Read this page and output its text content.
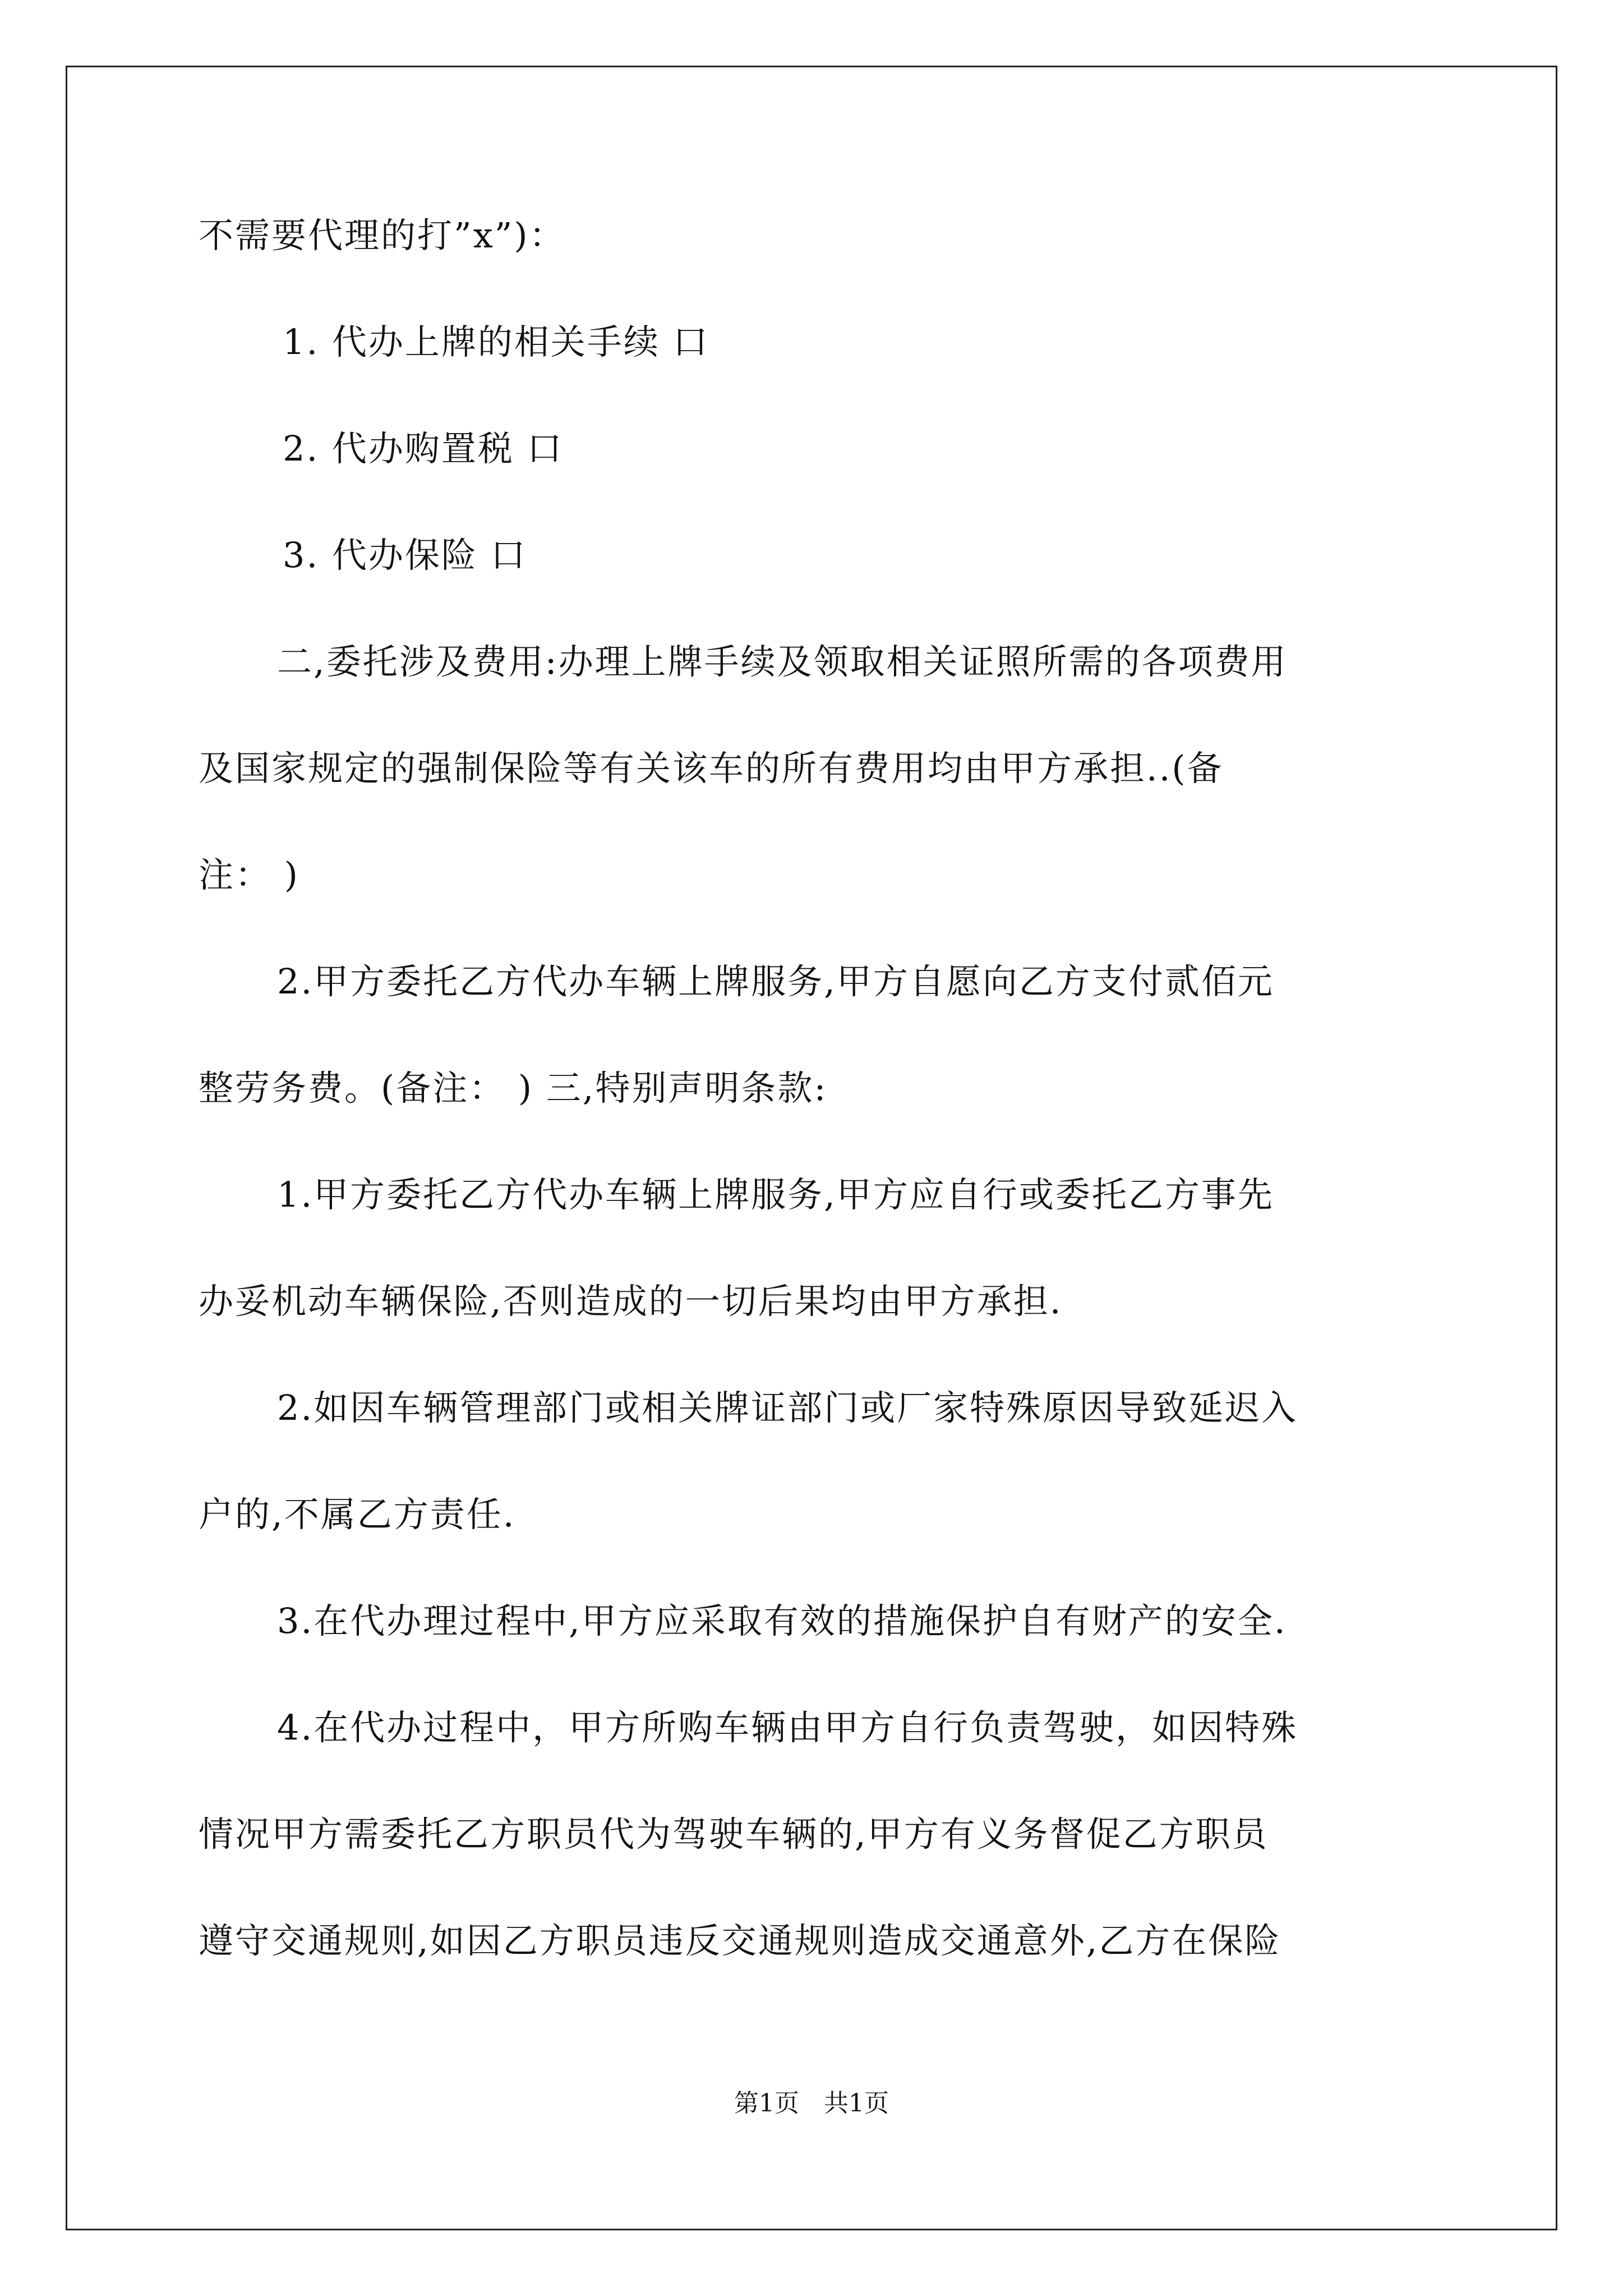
不需要代理的打”x”)：
1. 代办上牌的相关手续 口
2. 代办购置税 口
3. 代办保险 口
二,委托涉及费用:办理上牌手续及领取相关证照所需的各项费用
及国家规定的强制保险等有关该车的所有费用均由甲方承担..(备
注： )
2.甲方委托乙方代办车辆上牌服务,甲方自愿向乙方支付贰佰元
整劳务费。(备注： ) 三,特别声明条款:
1.甲方委托乙方代办车辆上牌服务,甲方应自行或委托乙方事先
办妥机动车辆保险,否则造成的一切后果均由甲方承担.
2.如因车辆管理部门或相关牌证部门或厂家特殊原因导致延迟入
户的,不属乙方责任.
3.在代办理过程中,甲方应采取有效的措施保护自有财产的安全.
4.在代办过程中，甲方所购车辆由甲方自行负责驾驶，如因特殊
情况甲方需委托乙方职员代为驾驶车辆的,甲方有义务督促乙方职员
遵守交通规则,如因乙方职员违反交通规则造成交通意外,乙方在保险
第1页　共1页
